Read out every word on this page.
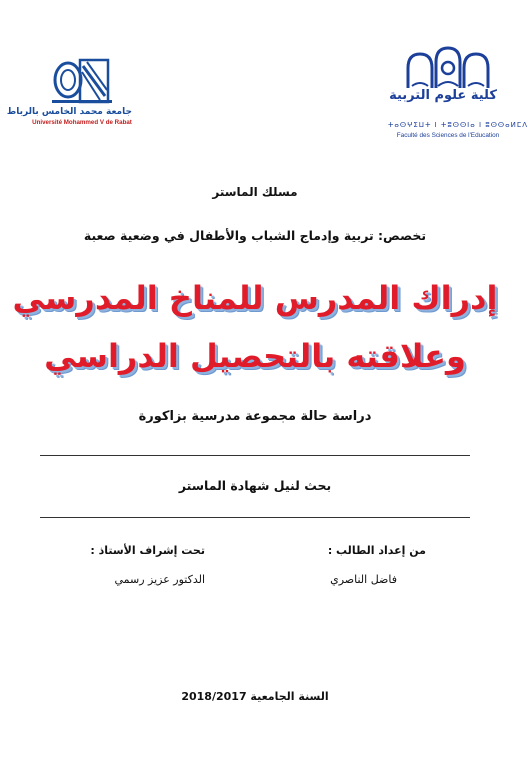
جامعة محمد الخامس بالرباط
Université Mohammed V de Rabat
كلية علوم التربية
ⵜⴰⵙⵖⵉⵡⵜ ⵏ ⵜⵓⵙⵙⵏⴰ ⵏ ⵓⵙⵙⴰⵍⵎⴷ
Faculté des Sciences de l'Education
مسلك الماستر
تخصص: تربية وإدماج الشباب والأطفال في وضعية صعبة
إدراك المدرس للمناخ المدرسي
وعلاقته بالتحصيل الدراسي
دراسة حالة مجموعة مدرسية بزاكورة
بحث لنيل شهادة الماستر
من إعداد الطالب :
تحت إشراف الأستاذ :
فاضل الناصري
الدكتور عزيز رسمي
السنة الجامعية 2018/2017
